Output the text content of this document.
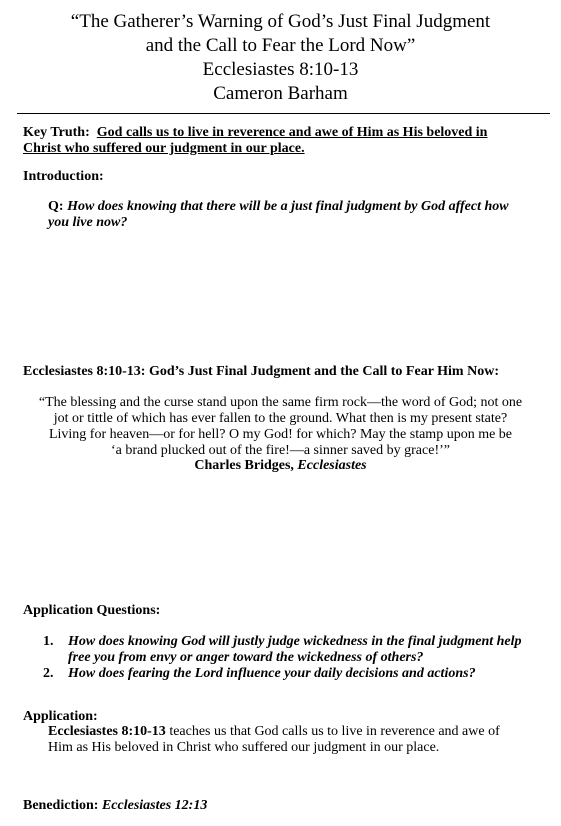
“The Gatherer’s Warning of God’s Just Final Judgment
and the Call to Fear the Lord Now”
Ecclesiastes 8:10-13
Cameron Barham
Key Truth: God calls us to live in reverence and awe of Him as His beloved in
Christ who suffered our judgment in our place.
Introduction:
Q: How does knowing that there will be a just final judgment by God affect how
you live now?
Ecclesiastes 8:10-13: God’s Just Final Judgment and the Call to Fear Him Now:
“The blessing and the curse stand upon the same firm rock—the word of God; not one
jot or tittle of which has ever fallen to the ground. What then is my present state?
Living for heaven—or for hell? O my God! for which? May the stamp upon me be
‘a brand plucked out of the fire!—a sinner saved by grace!’”
Charles Bridges, Ecclesiastes
Application Questions:
1. How does knowing God will justly judge wickedness in the final judgment help
free you from envy or anger toward the wickedness of others?
2. How does fearing the Lord influence your daily decisions and actions?
Application:
Ecclesiastes 8:10-13 teaches us that God calls us to live in reverence and awe of
Him as His beloved in Christ who suffered our judgment in our place.
Benediction: Ecclesiastes 12:13
